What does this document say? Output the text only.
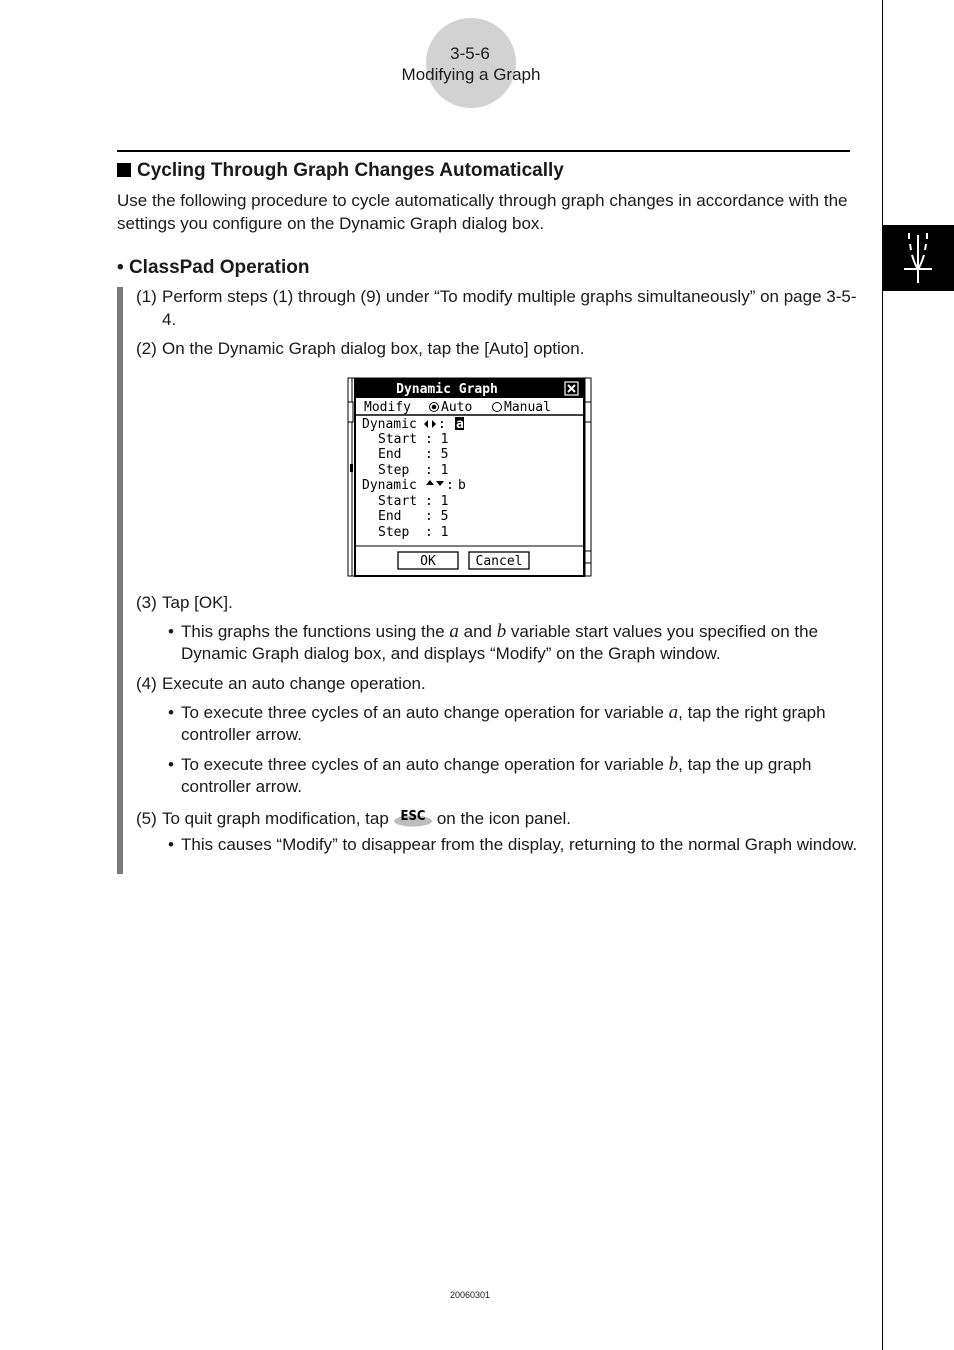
3-5-6
Modifying a Graph
Cycling Through Graph Changes Automatically
Use the following procedure to cycle automatically through graph changes in accordance with the settings you configure on the Dynamic Graph dialog box.
• ClassPad Operation
(1) Perform steps (1) through (9) under “To modify multiple graphs simultaneously” on page 3-5-4.
(2) On the Dynamic Graph dialog box, tap the [Auto] option.
Dynamic Graph
Modify Auto Manual
Dynamic : a
Start : 1
End   : 5
Step  : 1
Dynamic : b
Start : 1
End   : 5
Step  : 1
OK	Cancel
(3) Tap [OK].
• This graphs the functions using the a and b variable start values you specified on the Dynamic Graph dialog box, and displays “Modify” on the Graph window.
(4) Execute an auto change operation.
• To execute three cycles of an auto change operation for variable a, tap the right graph controller arrow.
• To execute three cycles of an auto change operation for variable b, tap the up graph controller arrow.
(5) To quit graph modification, tap ESC on the icon panel.
• This causes “Modify” to disappear from the display, returning to the normal Graph window.
20060301
